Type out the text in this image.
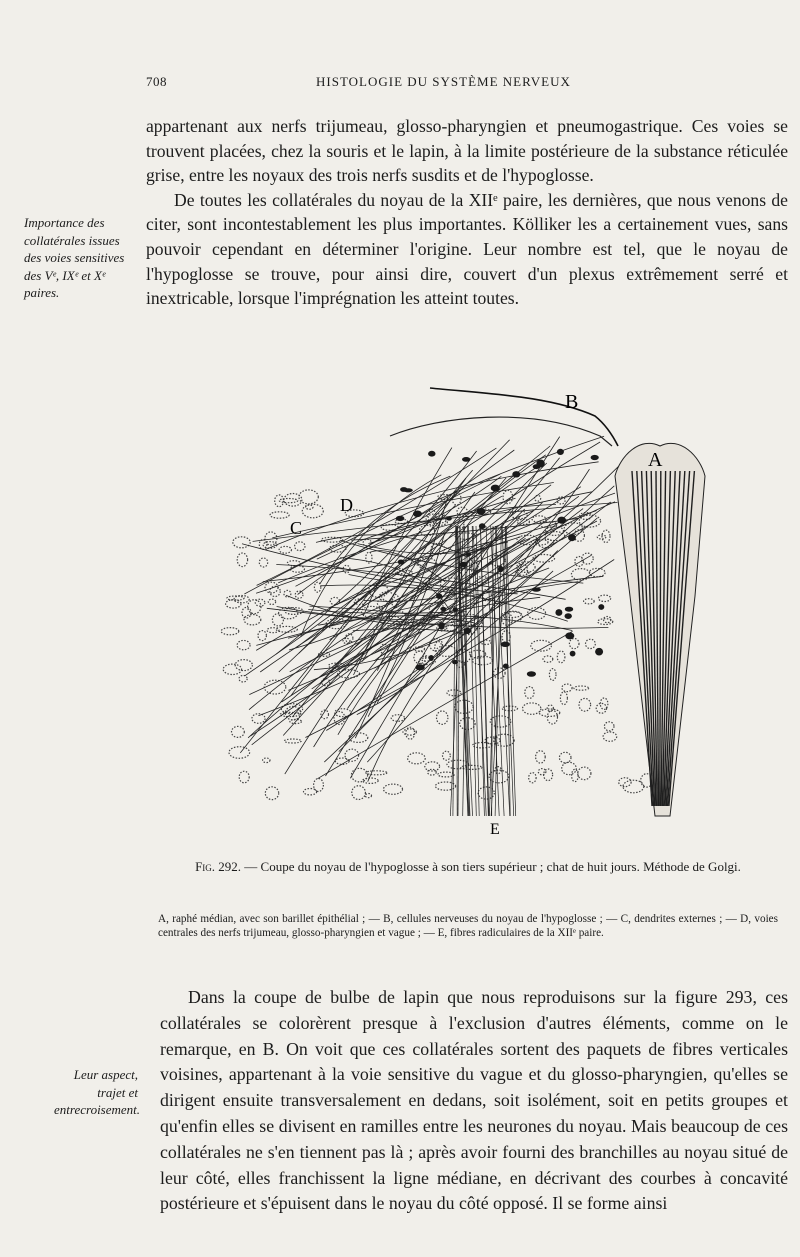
708	HISTOLOGIE DU SYSTÈME NERVEUX

appartenant aux nerfs trijumeau, glosso-pharyngien et pneumogastrique. Ces voies se trouvent placées, chez la souris et le lapin, à la limite postérieure de la substance réticulée grise, entre les noyaux des trois nerfs susdits et de l'hypoglosse.

De toutes les collatérales du noyau de la XIIᵉ paire, les dernières, que nous venons de citer, sont incontestablement les plus importantes. Kölliker les a certainement vues, sans pouvoir cependant en déterminer l'origine. Leur nombre est tel, que le noyau de l'hypoglosse se trouve, pour ainsi dire, couvert d'un plexus extrêmement serré et inextricable, lorsque l'imprégnation les atteint toutes.

Importance des collatérales issues des voies sensitives des Vᵉ, IXᵉ et Xᵉ paires.

B
A
C
D
E

Fig. 292. — Coupe du noyau de l'hypoglosse à son tiers supérieur ; chat de huit jours. Méthode de Golgi.

A, raphé médian, avec son barillet épithélial ; — B, cellules nerveuses du noyau de l'hypoglosse ; — C, dendrites externes ; — D, voies centrales des nerfs trijumeau, glosso-pharyngien et vague ; — E, fibres radiculaires de la XIIᵉ paire.

Dans la coupe de bulbe de lapin que nous reproduisons sur la figure 293, ces collatérales se colorèrent presque à l'exclusion d'autres éléments, comme on le remarque, en B. On voit que ces collatérales sortent des paquets de fibres verticales voisines, appartenant à la voie sensitive du vague et du glosso-pharyngien, qu'elles se dirigent ensuite transversalement en dedans, soit isolément, soit en petits groupes et qu'enfin elles se divisent en ramilles entre les neurones du noyau. Mais beaucoup de ces collatérales ne s'en tiennent pas là ; après avoir fourni des branchilles au noyau situé de leur côté, elles franchissent la ligne médiane, en décrivant des courbes à concavité postérieure et s'épuisent dans le noyau du côté opposé. Il se forme ainsi

Leur aspect, trajet et entrecroisement.
